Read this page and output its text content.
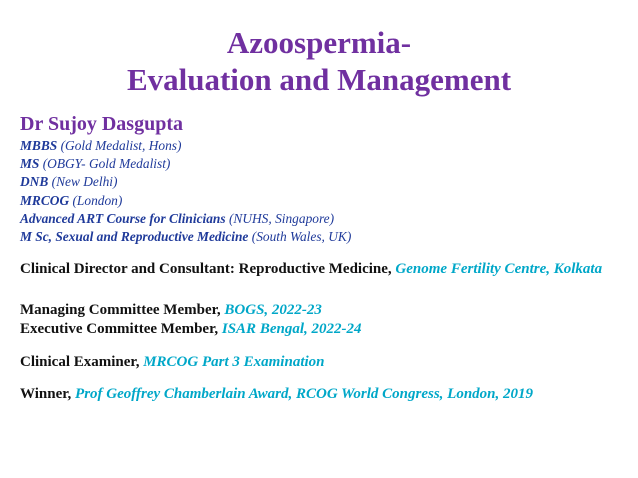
Azoospermia-
Evaluation and Management
Dr Sujoy Dasgupta
MBBS (Gold Medalist, Hons)
MS (OBGY- Gold Medalist)
DNB (New Delhi)
MRCOG (London)
Advanced ART Course for Clinicians (NUHS, Singapore)
M Sc, Sexual and Reproductive Medicine (South Wales, UK)
Clinical Director and Consultant: Reproductive Medicine, Genome Fertility Centre, Kolkata
Managing Committee Member, BOGS, 2022-23
Executive Committee Member, ISAR Bengal, 2022-24
Clinical Examiner, MRCOG Part 3 Examination
Winner, Prof Geoffrey Chamberlain Award, RCOG World Congress, London, 2019
